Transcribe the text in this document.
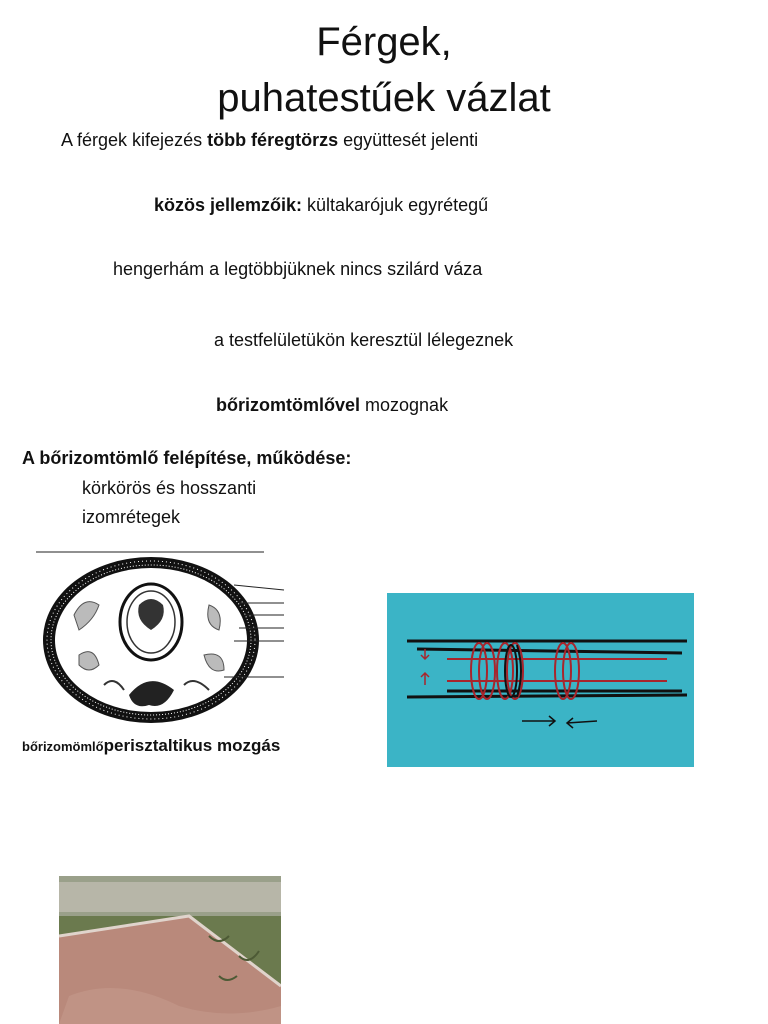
Férgek,
puhatestűek vázlat
A férgek kifejezés több féregtörzs együttesét jelenti
közös jellemzőik: kültakarójuk egyrétegű
hengerhám a legtöbbjüknek nincs szilárd váza
a testfelületükön keresztül lélegeznek
bőrizomtömlővel mozognak
A bőrizomtömlő felépítése, működése:
körkörös és hosszanti
izomrétegek
bőrizomömlőperisztaltikus mozgás
